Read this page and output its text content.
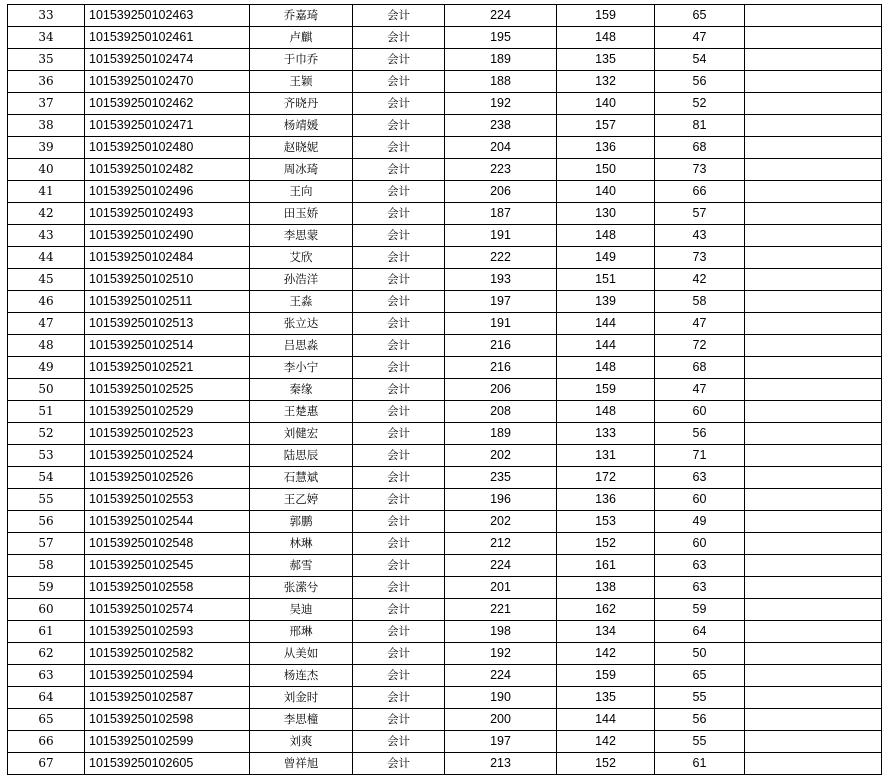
33	101539250102463	乔嘉琦	会计	224	159	65	
34	101539250102461	卢麒	会计	195	148	47	
35	101539250102474	于巾乔	会计	189	135	54	
36	101539250102470	王颖	会计	188	132	56	
37	101539250102462	齐晓丹	会计	192	140	52	
38	101539250102471	杨靖媛	会计	238	157	81	
39	101539250102480	赵晓妮	会计	204	136	68	
40	101539250102482	周冰琦	会计	223	150	73	
41	101539250102496	王向	会计	206	140	66	
42	101539250102493	田玉娇	会计	187	130	57	
43	101539250102490	李思蒙	会计	191	148	43	
44	101539250102484	艾欣	会计	222	149	73	
45	101539250102510	孙浩洋	会计	193	151	42	
46	101539250102511	王淼	会计	197	139	58	
47	101539250102513	张立达	会计	191	144	47	
48	101539250102514	吕思淼	会计	216	144	72	
49	101539250102521	李小宁	会计	216	148	68	
50	101539250102525	秦缘	会计	206	159	47	
51	101539250102529	王楚惠	会计	208	148	60	
52	101539250102523	刘健宏	会计	189	133	56	
53	101539250102524	陆思辰	会计	202	131	71	
54	101539250102526	石慧斌	会计	235	172	63	
55	101539250102553	王乙婷	会计	196	136	60	
56	101539250102544	郭鹏	会计	202	153	49	
57	101539250102548	林琳	会计	212	152	60	
58	101539250102545	郝雪	会计	224	161	63	
59	101539250102558	张潆兮	会计	201	138	63	
60	101539250102574	吴迪	会计	221	162	59	
61	101539250102593	邢琳	会计	198	134	64	
62	101539250102582	从美如	会计	192	142	50	
63	101539250102594	杨连杰	会计	224	159	65	
64	101539250102587	刘金时	会计	190	135	55	
65	101539250102598	李思橦	会计	200	144	56	
66	101539250102599	刘爽	会计	197	142	55	
67	101539250102605	曾祥旭	会计	213	152	61	
